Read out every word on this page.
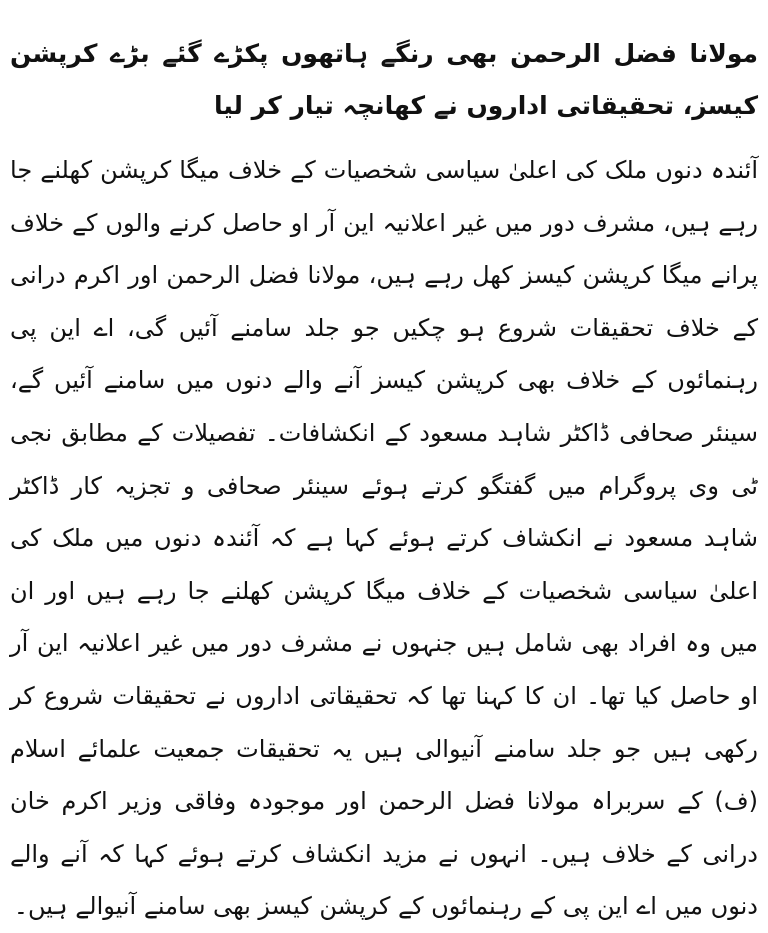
مولانا فضل الرحمن بھی رنگے ہاتھوں پکڑے گئے بڑے کرپشن کیسز، تحقیقاتی اداروں نے کھانچہ تیار کر لیا

آئندہ دنوں ملک کی اعلیٰ سیاسی شخصیات کے خلاف میگا کرپشن کھلنے جا رہے ہیں، مشرف دور میں غیر اعلانیہ این آر او حاصل کرنے والوں کے خلاف پرانے میگا کرپشن کیسز کھل رہے ہیں، مولانا فضل الرحمن اور اکرم درانی کے خلاف تحقیقات شروع ہو چکیں جو جلد سامنے آئیں گی، اے این پی رہنمائوں کے خلاف بھی کرپشن کیسز آنے والے دنوں میں سامنے آئیں گے، سینئر صحافی ڈاکٹر شاہد مسعود کے انکشافات۔ تفصیلات کے مطابق نجی ٹی وی پروگرام میں گفتگو کرتے ہوئے سینئر صحافی و تجزیہ کار ڈاکٹر شاہد مسعود نے انکشاف کرتے ہوئے کہا ہے کہ آئندہ دنوں میں ملک کی اعلیٰ سیاسی شخصیات کے خلاف میگا کرپشن کھلنے جا رہے ہیں اور ان میں وہ افراد بھی شامل ہیں جنہوں نے مشرف دور میں غیر اعلانیہ این آر او حاصل کیا تھا۔ ان کا کہنا تھا کہ تحقیقاتی اداروں نے تحقیقات شروع کر رکھی ہیں جو جلد سامنے آنیوالی ہیں یہ تحقیقات جمعیت علمائے اسلام (ف) کے سربراہ مولانا فضل الرحمن اور موجودہ وفاقی وزیر اکرم خان درانی کے خلاف ہیں۔ انہوں نے مزید انکشاف کرتے ہوئے کہا کہ آنے والے دنوں میں اے این پی کے رہنمائوں کے کرپشن کیسز بھی سامنے آنیوالے ہیں۔
